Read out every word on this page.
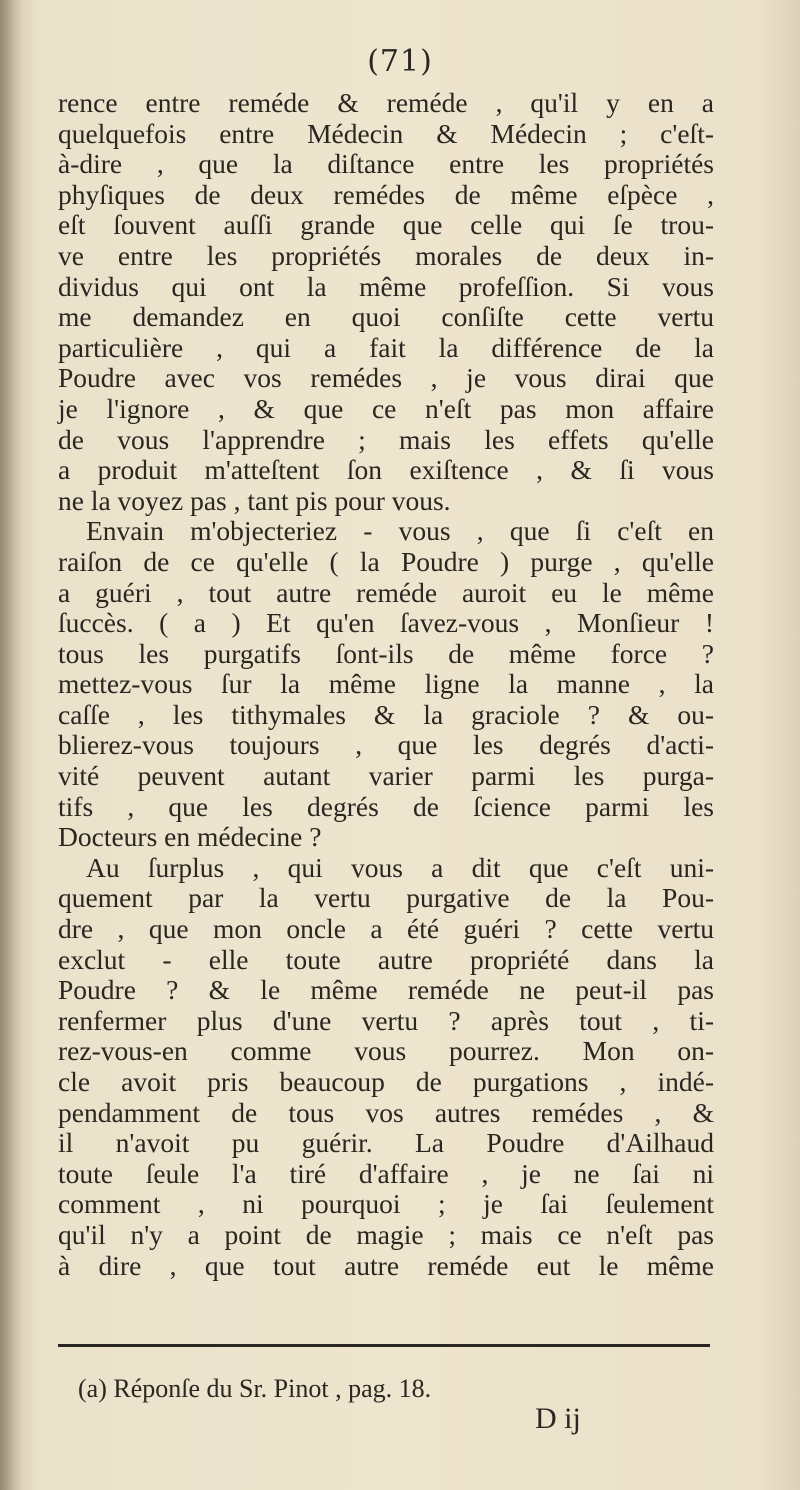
(71)
rence entre reméde & reméde , qu'il y en a
quelquefois entre Médecin & Médecin ; c'eſt-
à-dire , que la diſtance entre les propriétés
phyſiques de deux remédes de même eſpèce ,
eſt ſouvent auſſi grande que celle qui ſe trou-
ve entre les propriétés morales de deux in-
dividus qui ont la même profeſſion. Si vous
me demandez en quoi conſiſte cette vertu
particulière , qui a fait la différence de la
Poudre avec vos remédes , je vous dirai que
je l'ignore , & que ce n'eſt pas mon affaire
de vous l'apprendre ; mais les effets qu'elle
a produit m'atteſtent ſon exiſtence , & ſi vous
ne la voyez pas , tant pis pour vous.
Envain m'objecteriez - vous , que ſi c'eſt en
raiſon de ce qu'elle ( la Poudre ) purge , qu'elle
a guéri , tout autre reméde auroit eu le même
ſuccès. ( a ) Et qu'en ſavez-vous , Monſieur !
tous les purgatifs ſont-ils de même force ?
mettez-vous ſur la même ligne la manne , la
caſſe , les tithymales & la graciole ? & ou-
blierez-vous toujours , que les degrés d'acti-
vité peuvent autant varier parmi les purga-
tifs , que les degrés de ſcience parmi les
Docteurs en médecine ?
Au ſurplus , qui vous a dit que c'eſt uni-
quement par la vertu purgative de la Pou-
dre , que mon oncle a été guéri ? cette vertu
exclut - elle toute autre propriété dans la
Poudre ? & le même reméde ne peut-il pas
renfermer plus d'une vertu ? après tout , ti-
rez-vous-en comme vous pourrez. Mon on-
cle avoit pris beaucoup de purgations , indé-
pendamment de tous vos autres remédes , &
il n'avoit pu guérir. La Poudre d'Ailhaud
toute ſeule l'a tiré d'affaire , je ne ſai ni
comment , ni pourquoi ; je ſai ſeulement
qu'il n'y a point de magie ; mais ce n'eſt pas
à dire , que tout autre reméde eut le même
(a) Réponſe du Sr. Pinot , pag. 18.
D ij
